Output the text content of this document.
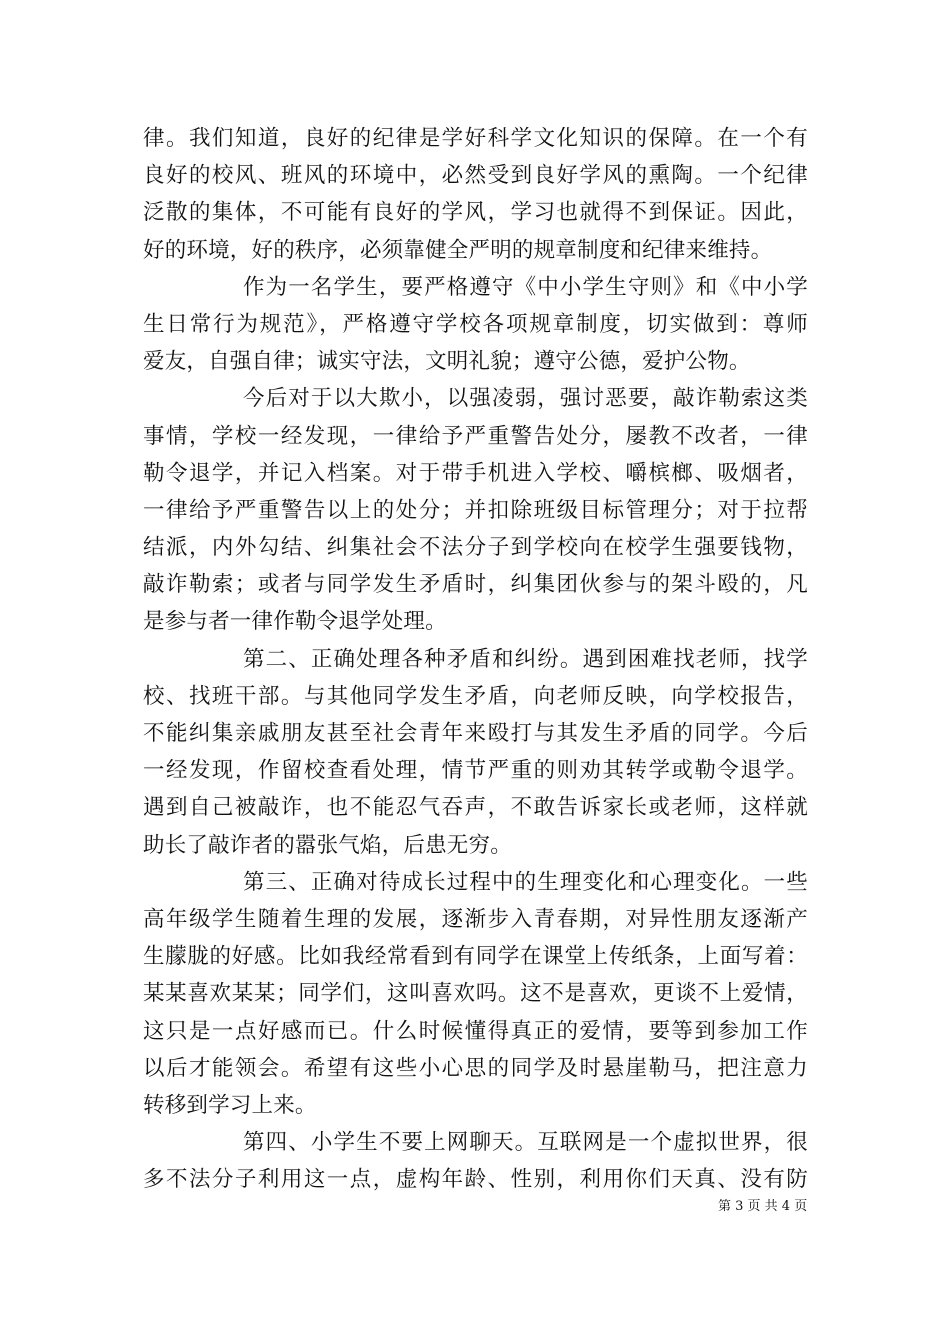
律。我们知道，良好的纪律是学好科学文化知识的保障。在一个有
良好的校风、班风的环境中，必然受到良好学风的熏陶。一个纪律
泛散的集体，不可能有良好的学风，学习也就得不到保证。因此，
好的环境，好的秩序，必须靠健全严明的规章制度和纪律来维持。
作为一名学生，要严格遵守《中小学生守则》和《中小学
生日常行为规范》，严格遵守学校各项规章制度，切实做到：尊师
爱友，自强自律；诚实守法，文明礼貌；遵守公德，爱护公物。
今后对于以大欺小，以强凌弱，强讨恶要，敲诈勒索这类
事情，学校一经发现，一律给予严重警告处分，屡教不改者，一律
勒令退学，并记入档案。对于带手机进入学校、嚼槟榔、吸烟者，
一律给予严重警告以上的处分；并扣除班级目标管理分；对于拉帮
结派，内外勾结、纠集社会不法分子到学校向在校学生强要钱物，
敲诈勒索；或者与同学发生矛盾时，纠集团伙参与的架斗殴的，凡
是参与者一律作勒令退学处理。
第二、正确处理各种矛盾和纠纷。遇到困难找老师，找学
校、找班干部。与其他同学发生矛盾，向老师反映，向学校报告，
不能纠集亲戚朋友甚至社会青年来殴打与其发生矛盾的同学。今后
一经发现，作留校查看处理，情节严重的则劝其转学或勒令退学。
遇到自己被敲诈，也不能忍气吞声，不敢告诉家长或老师，这样就
助长了敲诈者的嚣张气焰，后患无穷。
第三、正确对待成长过程中的生理变化和心理变化。一些
高年级学生随着生理的发展，逐渐步入青春期，对异性朋友逐渐产
生朦胧的好感。比如我经常看到有同学在课堂上传纸条，上面写着：
某某喜欢某某；同学们，这叫喜欢吗。这不是喜欢，更谈不上爱情，
这只是一点好感而已。什么时候懂得真正的爱情，要等到参加工作
以后才能领会。希望有这些小心思的同学及时悬崖勒马，把注意力
转移到学习上来。
第四、小学生不要上网聊天。互联网是一个虚拟世界，很
多不法分子利用这一点，虚构年龄、性别，利用你们天真、没有防
第 3 页 共 4 页
